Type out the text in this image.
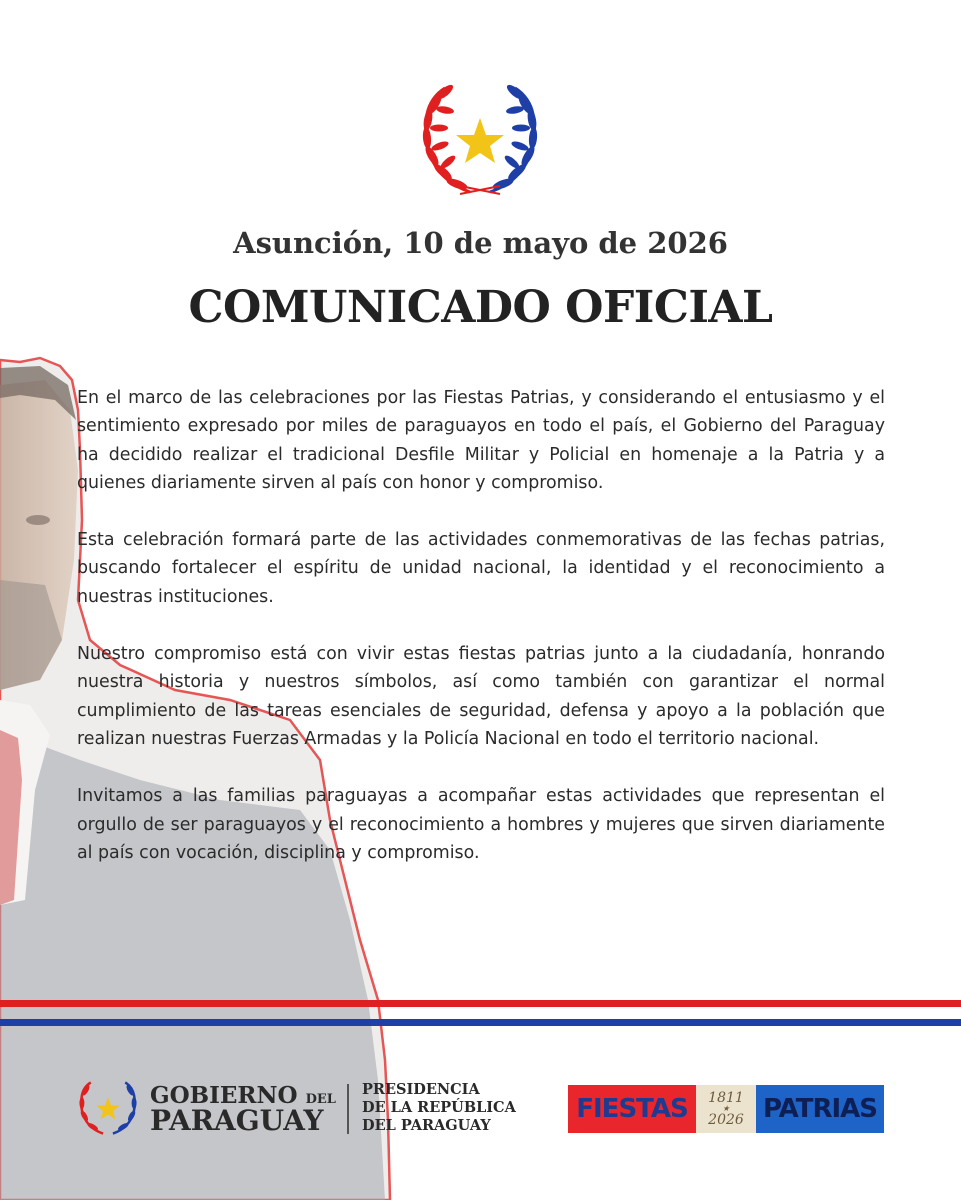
Asunción, 10 de mayo de 2026
COMUNICADO OFICIAL

En el marco de las celebraciones por las Fiestas Patrias, y considerando el entusiasmo y el sentimiento expresado por miles de paraguayos en todo el país, el Gobierno del Paraguay ha decidido realizar el tradicional Desfile Militar y Policial en homenaje a la Patria y a quienes diariamente sirven al país con honor y compromiso.

Esta celebración formará parte de las actividades conmemorativas de las fechas patrias, buscando fortalecer el espíritu de unidad nacional, la identidad y el reconocimiento a nuestras instituciones.

Nuestro compromiso está con vivir estas fiestas patrias junto a la ciudadanía, honrando nuestra historia y nuestros símbolos, así como también con garantizar el normal cumplimiento de las tareas esenciales de seguridad, defensa y apoyo a la población que realizan nuestras Fuerzas Armadas y la Policía Nacional en todo el territorio nacional.

Invitamos a las familias paraguayas a acompañar estas actividades que representan el orgullo de ser paraguayos y el reconocimiento a hombres y mujeres que sirven diariamente al país con vocación, disciplina y compromiso.

GOBIERNO DEL
PARAGUAY
PRESIDENCIA
DE LA REPÚBLICA
DEL PARAGUAY
FIESTAS	1811
★
2026 PATRIAS
